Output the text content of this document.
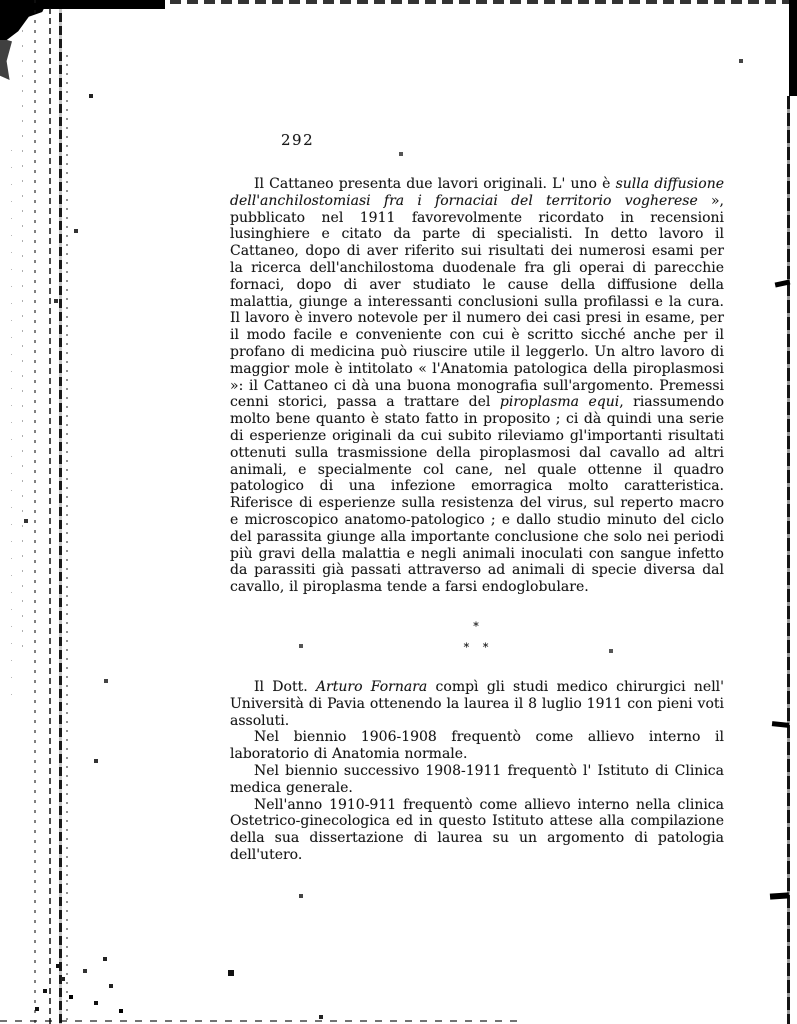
292

Il Cattaneo presenta due lavori originali. L' uno è sulla diffusione dell'anchilostomiasi fra i fornaciai del territorio vogherese », pubblicato nel 1911 favorevolmente ricordato in recensioni lusinghiere e citato da parte di specialisti. In detto lavoro il Cattaneo, dopo di aver riferito sui risultati dei numerosi esami per la ricerca dell'anchilostoma duodenale fra gli operai di parecchie fornaci, dopo di aver studiato le cause della diffusione della malattia, giunge a interessanti conclusioni sulla profilassi e la cura. Il lavoro è invero notevole per il numero dei casi presi in esame, per il modo facile e conveniente con cui è scritto sicché anche per il profano di medicina può riuscire utile il leggerlo. Un altro lavoro di maggior mole è intitolato « l'Anatomia patologica della piroplasmosi »: il Cattaneo ci dà una buona monografia sull'argomento. Premessi cenni storici, passa a trattare del piroplasma equi, riassumendo molto bene quanto è stato fatto in proposito ; ci dà quindi una serie di esperienze originali da cui subito rileviamo gl'importanti risultati ottenuti sulla trasmissione della piroplasmosi dal cavallo ad altri animali, e specialmente col cane, nel quale ottenne il quadro patologico di una infezione emorragica molto caratteristica. Riferisce di esperienze sulla resistenza del virus, sul reperto macro e microscopico anatomo-patologico ; e dallo studio minuto del ciclo del parassita giunge alla importante conclusione che solo nei periodi più gravi della malattia e negli animali inoculati con sangue infetto da parassiti già passati attraverso ad animali di specie diversa dal cavallo, il piroplasma tende a farsi endoglobulare.

*

*  *

Il Dott. Arturo Fornara compì gli studi medico chirurgici nell' Università di Pavia ottenendo la laurea il 8 luglio 1911 con pieni voti assoluti.

Nel biennio 1906-1908 frequentò come allievo interno il laboratorio di Anatomia normale.

Nel biennio successivo 1908-1911 frequentò l' Istituto di Clinica medica generale.

Nell'anno 1910-911 frequentò come allievo interno nella clinica Ostetrico-ginecologica ed in questo Istituto attese alla compilazione della sua dissertazione di laurea su un argomento di patologia dell'utero.
